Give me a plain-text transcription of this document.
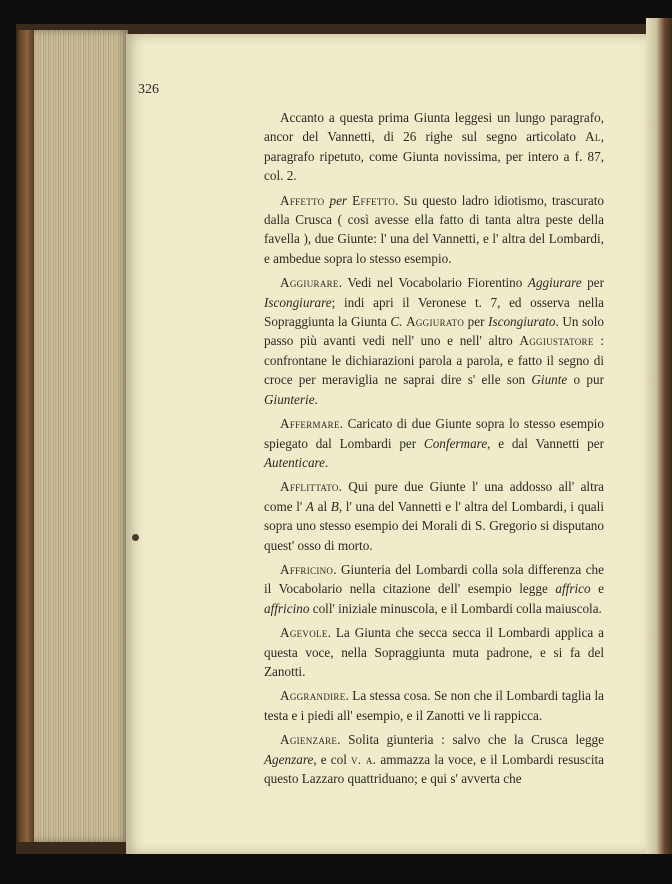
326

Accanto a questa prima Giunta leggesi un lungo paragrafo, ancor del Vannetti, di 26 righe sul segno articolato Al, paragrafo ripetuto, come Giunta novissima, per intero a f. 87, col. 2.

Affetto per Effetto. Su questo ladro idiotismo, trascurato dalla Crusca ( così avesse ella fatto di tanta altra peste della favella ), due Giunte: l' una del Vannetti, e l' altra del Lombardi, e ambedue sopra lo stesso esempio.

Aggiurare. Vedi nel Vocabolario Fiorentino Aggiurare per Iscongiurare; indi apri il Veronese t. 7, ed osserva nella Sopraggiunta la Giunta C. Aggiurato per Iscongiurato. Un solo passo più avanti vedi nell' uno e nell' altro Aggiustatore : confrontane le dichiarazioni parola a parola, e fatto il segno di croce per meraviglia ne saprai dire s' elle son Giunte o pur Giunterie.

Affermare. Caricato di due Giunte sopra lo stesso esempio spiegato dal Lombardi per Confermare, e dal Vannetti per Autenticare.

Afflittato. Qui pure due Giunte l' una addosso all' altra come l' A al B, l' una del Vannetti e l' altra del Lombardi, i quali sopra uno stesso esempio dei Morali di S. Gregorio si disputano quest' osso di morto.

Affricino. Giunteria del Lombardi colla sola differenza che il Vocabolario nella citazione dell' esempio legge affrico e affricino coll' iniziale minuscola, e il Lombardi colla maiuscola.

Agevole. La Giunta che secca secca il Lombardi applica a questa voce, nella Sopraggiunta muta padrone, e si fa del Zanotti.

Aggrandire. La stessa cosa. Se non che il Lombardi taglia la testa e i piedi all' esempio, e il Zanotti ve li rappicca.

Agienzare. Solita giunteria : salvo che la Crusca legge Agenzare, e col v. a. ammazza la voce, e il Lombardi resuscita questo Lazzaro quattriduano; e qui s' avverta che
